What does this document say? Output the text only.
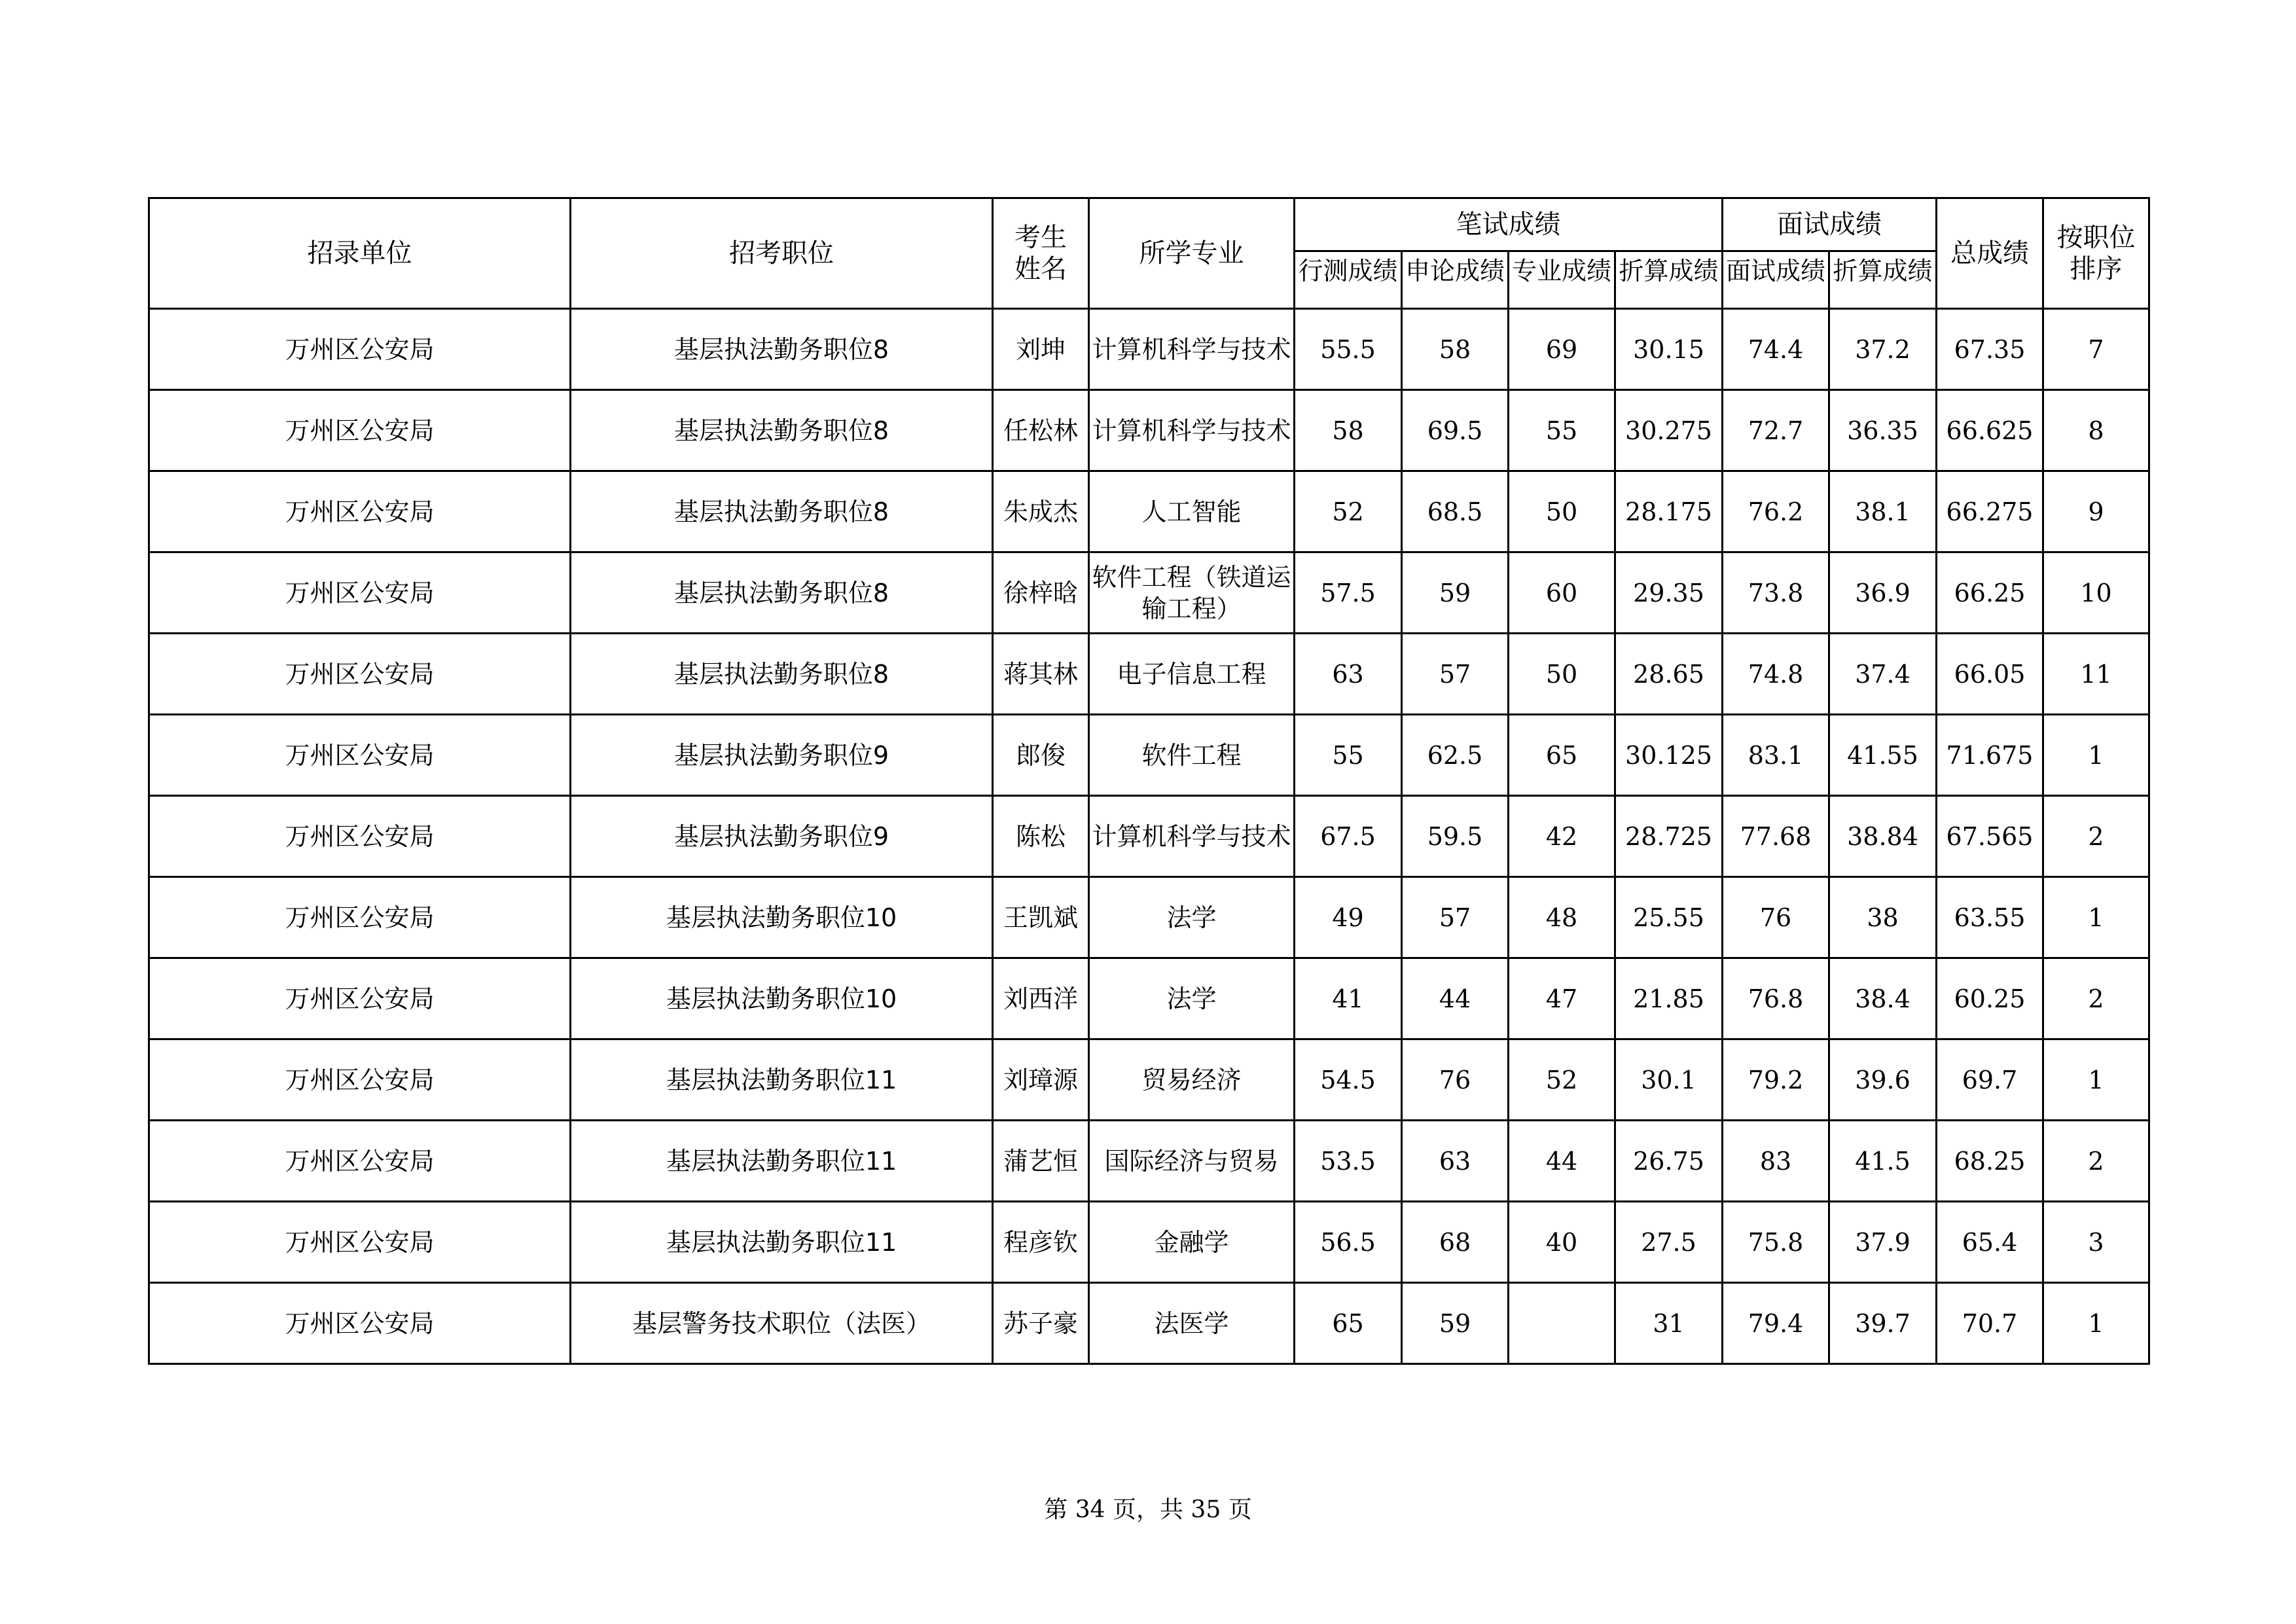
招录单位	招考职位	考生
姓名	所学专业	笔试成绩				面试成绩		总成绩	按职位
排序
				行测成绩	申论成绩	专业成绩	折算成绩	面试成绩	折算成绩		
万州区公安局	基层执法勤务职位8	刘坤	计算机科学与技术	55.5	58	69	30.15	74.4	37.2	67.35	7
万州区公安局	基层执法勤务职位8	任松林	计算机科学与技术	58	69.5	55	30.275	72.7	36.35	66.625	8
万州区公安局	基层执法勤务职位8	朱成杰	人工智能	52	68.5	50	28.175	76.2	38.1	66.275	9
万州区公安局	基层执法勤务职位8	徐梓晗	软件工程（铁道运输工程）	57.5	59	60	29.35	73.8	36.9	66.25	10
万州区公安局	基层执法勤务职位8	蒋其林	电子信息工程	63	57	50	28.65	74.8	37.4	66.05	11
万州区公安局	基层执法勤务职位9	郎俊	软件工程	55	62.5	65	30.125	83.1	41.55	71.675	1
万州区公安局	基层执法勤务职位9	陈松	计算机科学与技术	67.5	59.5	42	28.725	77.68	38.84	67.565	2
万州区公安局	基层执法勤务职位10	王凯斌	法学	49	57	48	25.55	76	38	63.55	1
万州区公安局	基层执法勤务职位10	刘西洋	法学	41	44	47	21.85	76.8	38.4	60.25	2
万州区公安局	基层执法勤务职位11	刘璋源	贸易经济	54.5	76	52	30.1	79.2	39.6	69.7	1
万州区公安局	基层执法勤务职位11	蒲艺恒	国际经济与贸易	53.5	63	44	26.75	83	41.5	68.25	2
万州区公安局	基层执法勤务职位11	程彦钦	金融学	56.5	68	40	27.5	75.8	37.9	65.4	3
万州区公安局	基层警务技术职位（法医）	苏子豪	法医学	65	59		31	79.4	39.7	70.7	1
第 34 页，共 35 页
